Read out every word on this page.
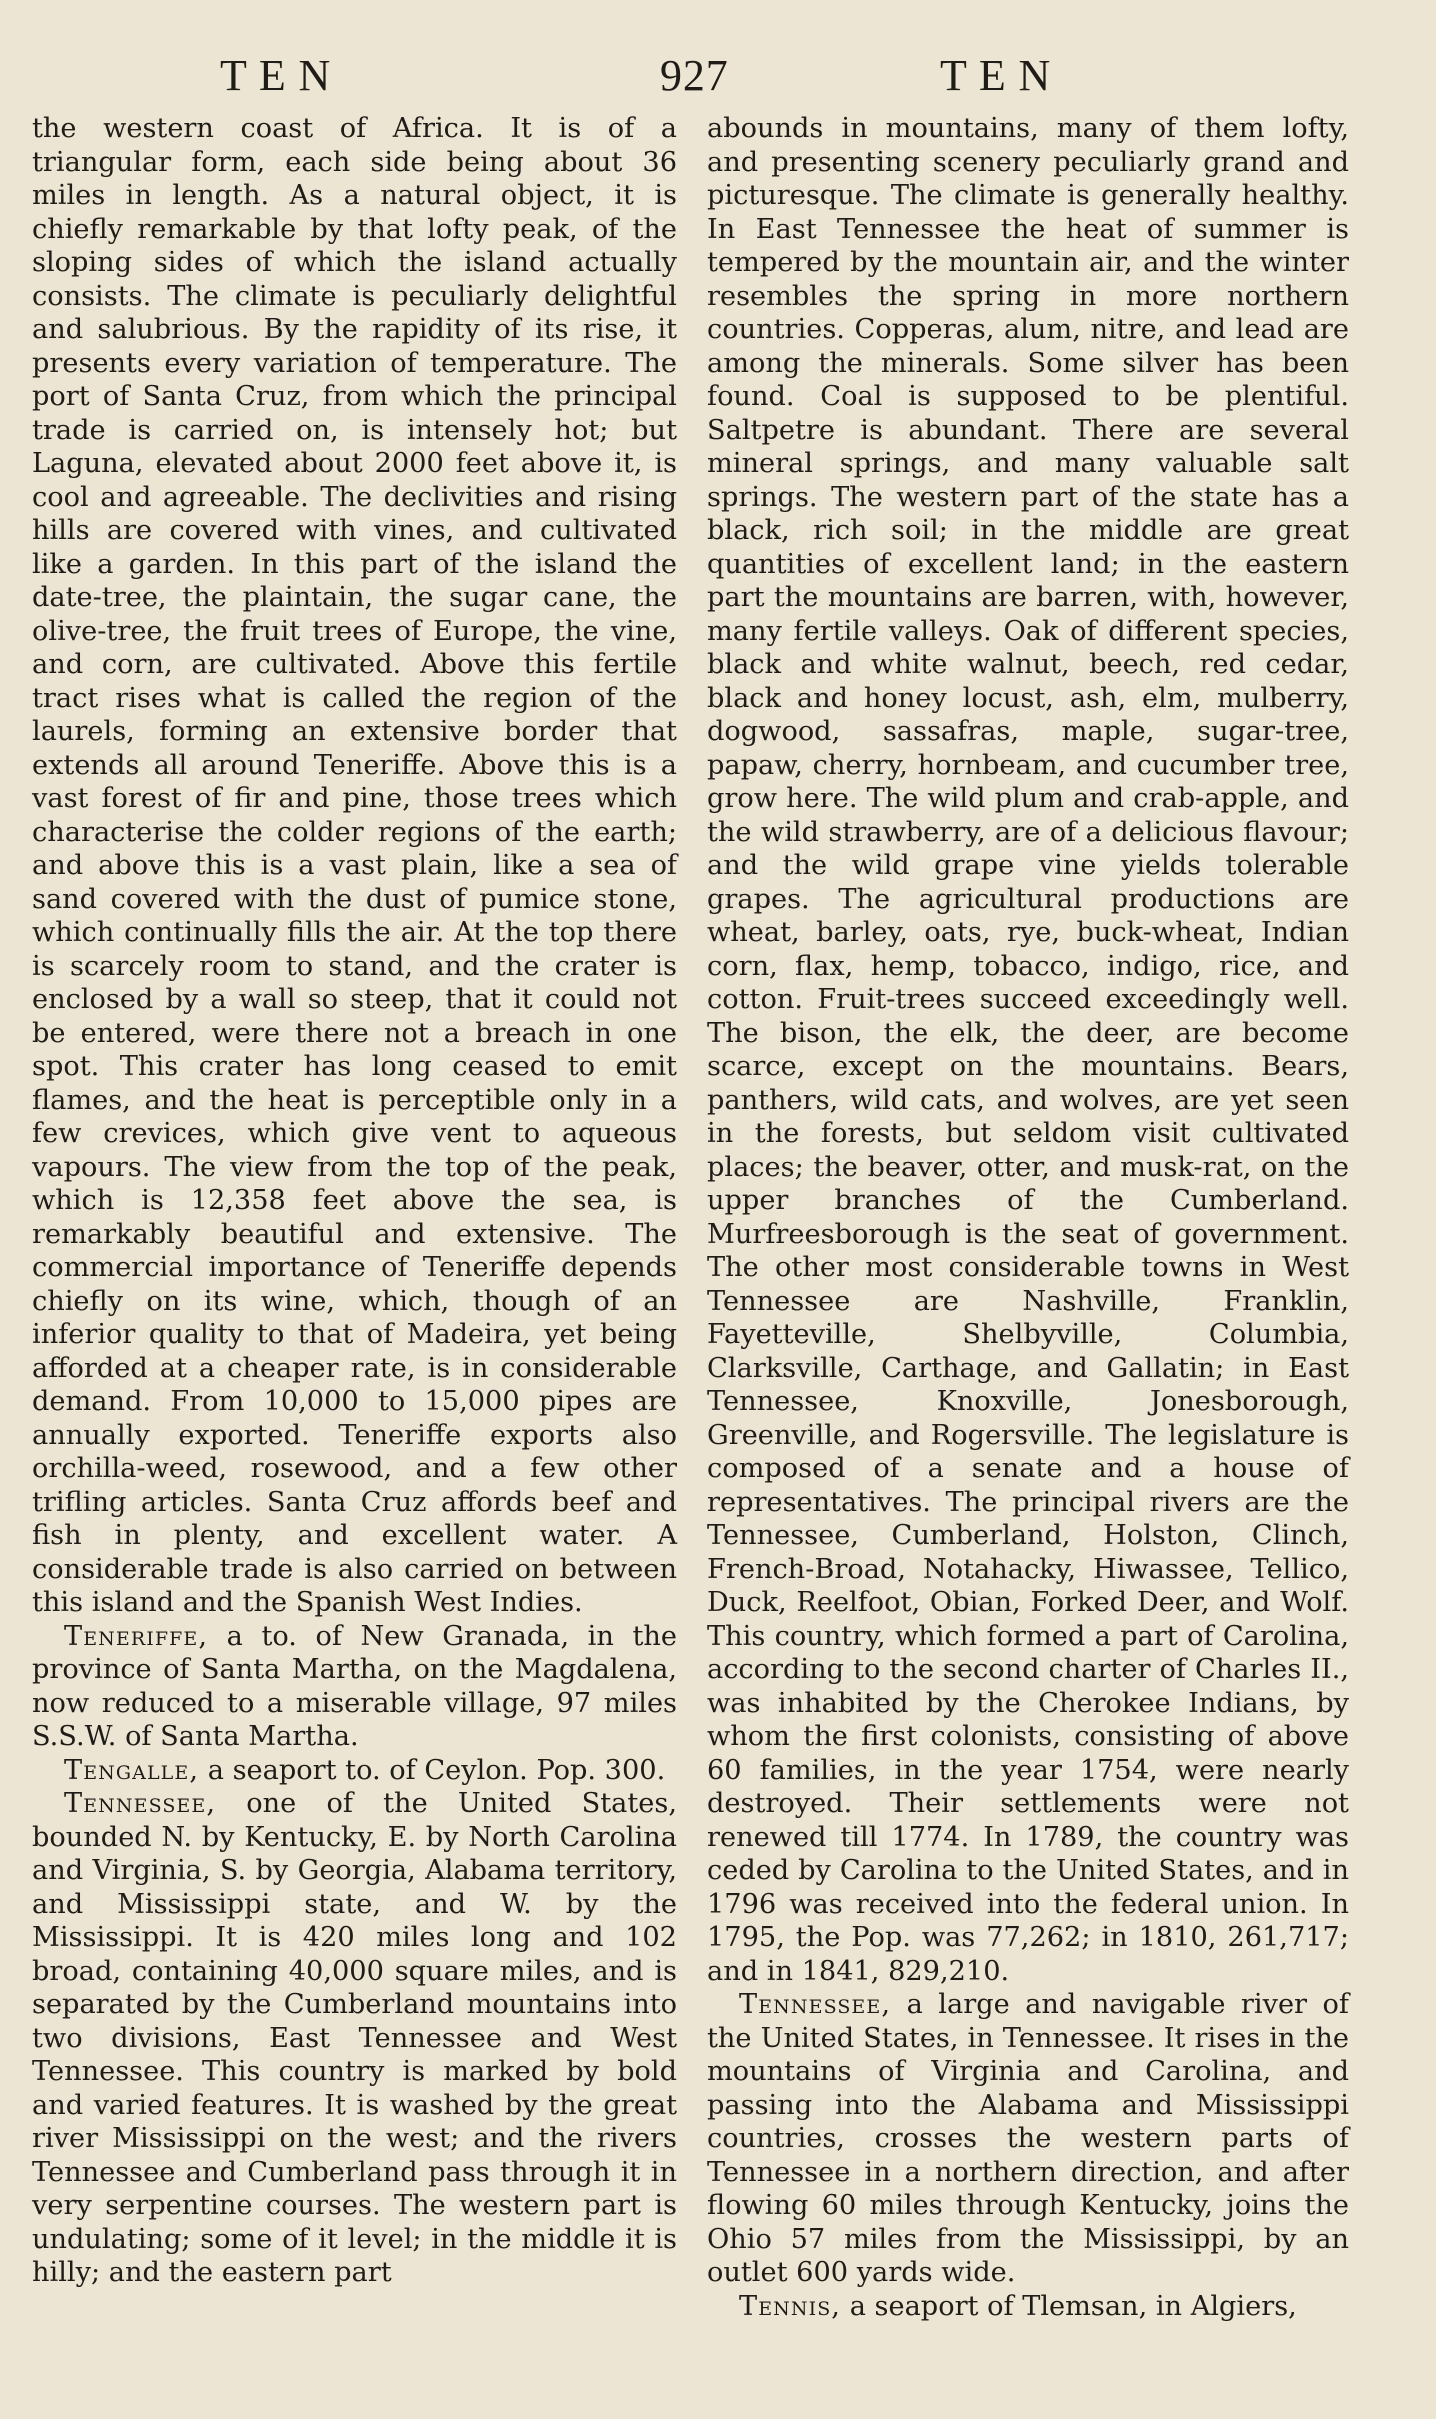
T E N	927	T E N

the western coast of Africa. It is of a triangular form, each side being about 36 miles in length. As a natural object, it is chiefly remarkable by that lofty peak, of the sloping sides of which the island actually consists. The climate is peculiarly delightful and salubrious. By the rapidity of its rise, it presents every variation of temperature. The port of Santa Cruz, from which the principal trade is carried on, is intensely hot; but Laguna, elevated about 2000 feet above it, is cool and agreeable. The declivities and rising hills are covered with vines, and cultivated like a garden. In this part of the island the date-tree, the plaintain, the sugar cane, the olive-tree, the fruit trees of Europe, the vine, and corn, are cultivated. Above this fertile tract rises what is called the region of the laurels, forming an extensive border that extends all around Teneriffe. Above this is a vast forest of fir and pine, those trees which characterise the colder regions of the earth; and above this is a vast plain, like a sea of sand covered with the dust of pumice stone, which continually fills the air. At the top there is scarcely room to stand, and the crater is enclosed by a wall so steep, that it could not be entered, were there not a breach in one spot. This crater has long ceased to emit flames, and the heat is perceptible only in a few crevices, which give vent to aqueous vapours. The view from the top of the peak, which is 12,358 feet above the sea, is remarkably beautiful and extensive. The commercial importance of Teneriffe depends chiefly on its wine, which, though of an inferior quality to that of Madeira, yet being afforded at a cheaper rate, is in considerable demand. From 10,000 to 15,000 pipes are annually exported. Teneriffe exports also orchilla-weed, rosewood, and a few other trifling articles. Santa Cruz affords beef and fish in plenty, and excellent water. A considerable trade is also carried on between this island and the Spanish West Indies.

Teneriffe, a to. of New Granada, in the province of Santa Martha, on the Magdalena, now reduced to a miserable village, 97 miles S.S.W. of Santa Martha.

Tengalle, a seaport to. of Ceylon. Pop. 300.

Tennessee, one of the United States, bounded N. by Kentucky, E. by North Carolina and Virginia, S. by Georgia, Alabama territory, and Mississippi state, and W. by the Mississippi. It is 420 miles long and 102 broad, containing 40,000 square miles, and is separated by the Cumberland mountains into two divisions, East Tennessee and West Tennessee. This country is marked by bold and varied features. It is washed by the great river Mississippi on the west; and the rivers Tennessee and Cumberland pass through it in very serpentine courses. The western part is undulating; some of it level; in the middle it is hilly; and the eastern part

abounds in mountains, many of them lofty, and presenting scenery peculiarly grand and picturesque. The climate is generally healthy. In East Tennessee the heat of summer is tempered by the mountain air, and the winter resembles the spring in more northern countries. Copperas, alum, nitre, and lead are among the minerals. Some silver has been found. Coal is supposed to be plentiful. Saltpetre is abundant. There are several mineral springs, and many valuable salt springs. The western part of the state has a black, rich soil; in the middle are great quantities of excellent land; in the eastern part the mountains are barren, with, however, many fertile valleys. Oak of different species, black and white walnut, beech, red cedar, black and honey locust, ash, elm, mulberry, dogwood, sassafras, maple, sugar-tree, papaw, cherry, hornbeam, and cucumber tree, grow here. The wild plum and crab-apple, and the wild strawberry, are of a delicious flavour; and the wild grape vine yields tolerable grapes. The agricultural productions are wheat, barley, oats, rye, buck-wheat, Indian corn, flax, hemp, tobacco, indigo, rice, and cotton. Fruit-trees succeed exceedingly well. The bison, the elk, the deer, are become scarce, except on the mountains. Bears, panthers, wild cats, and wolves, are yet seen in the forests, but seldom visit cultivated places; the beaver, otter, and musk-rat, on the upper branches of the Cumberland. Murfreesborough is the seat of government. The other most considerable towns in West Tennessee are Nashville, Franklin, Fayetteville, Shelbyville, Columbia, Clarksville, Carthage, and Gallatin; in East Tennessee, Knoxville, Jonesborough, Greenville, and Rogersville. The legislature is composed of a senate and a house of representatives. The principal rivers are the Tennessee, Cumberland, Holston, Clinch, French-Broad, Notahacky, Hiwassee, Tellico, Duck, Reelfoot, Obian, Forked Deer, and Wolf. This country, which formed a part of Carolina, according to the second charter of Charles II., was inhabited by the Cherokee Indians, by whom the first colonists, consisting of above 60 families, in the year 1754, were nearly destroyed. Their settlements were not renewed till 1774. In 1789, the country was ceded by Carolina to the United States, and in 1796 was received into the federal union. In 1795, the Pop. was 77,262; in 1810, 261,717; and in 1841, 829,210.

Tennessee, a large and navigable river of the United States, in Tennessee. It rises in the mountains of Virginia and Carolina, and passing into the Alabama and Mississippi countries, crosses the western parts of Tennessee in a northern direction, and after flowing 60 miles through Kentucky, joins the Ohio 57 miles from the Mississippi, by an outlet 600 yards wide.

Tennis, a seaport of Tlemsan, in Algiers,
